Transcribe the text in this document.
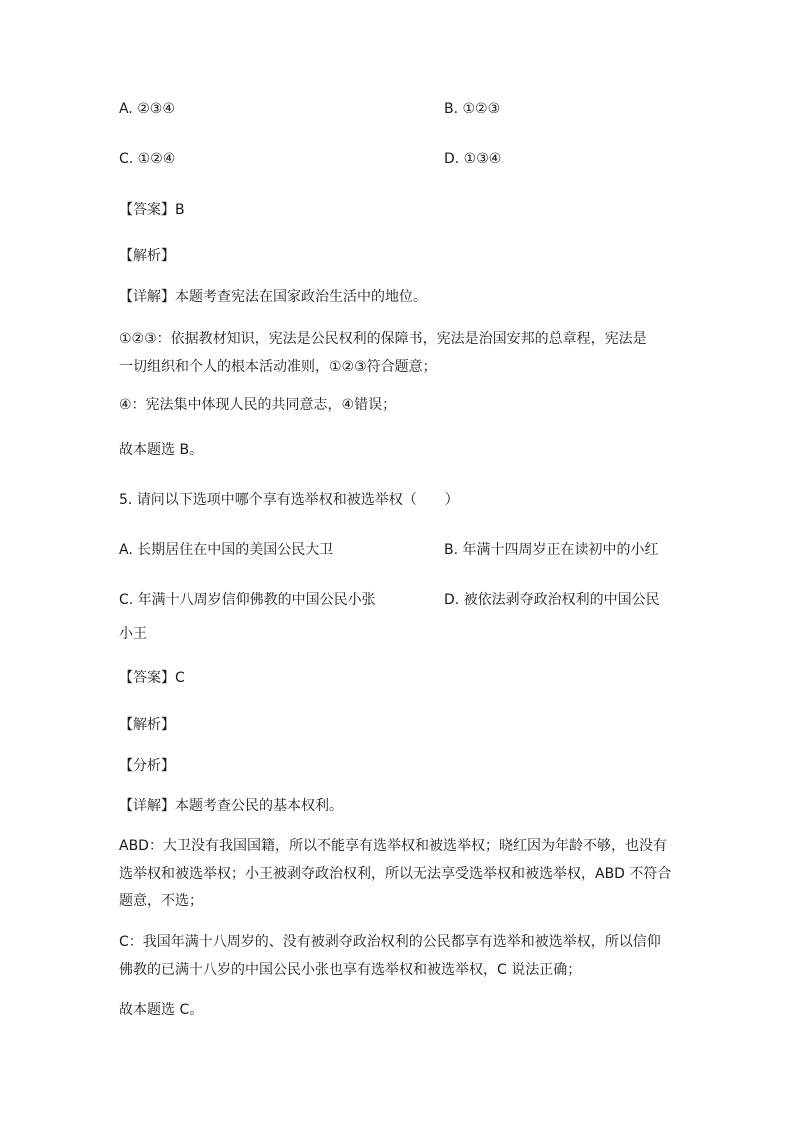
A. ②③④	B. ①②③
C. ①②④	D. ①③④
【答案】B
【解析】
【详解】本题考查宪法在国家政治生活中的地位。
①②③：依据教材知识，宪法是公民权利的保障书，宪法是治国安邦的总章程，宪法是
一切组织和个人的根本活动准则，①②③符合题意；
④：宪法集中体现人民的共同意志，④错误；
故本题选 B。
5. 请问以下选项中哪个享有选举权和被选举权（　　）
A. 长期居住在中国的美国公民大卫	B. 年满十四周岁正在读初中的小红
C. 年满十八周岁信仰佛教的中国公民小张	D. 被依法剥夺政治权利的中国公民
小王
【答案】C
【解析】
【分析】
【详解】本题考查公民的基本权利。
ABD：大卫没有我国国籍，所以不能享有选举权和被选举权；晓红因为年龄不够，也没有
选举权和被选举权；小王被剥夺政治权利，所以无法享受选举权和被选举权，ABD 不符合
题意，不选；
C：我国年满十八周岁的、没有被剥夺政治权利的公民都享有选举和被选举权，所以信仰
佛教的已满十八岁的中国公民小张也享有选举权和被选举权，C 说法正确；
故本题选 C。
